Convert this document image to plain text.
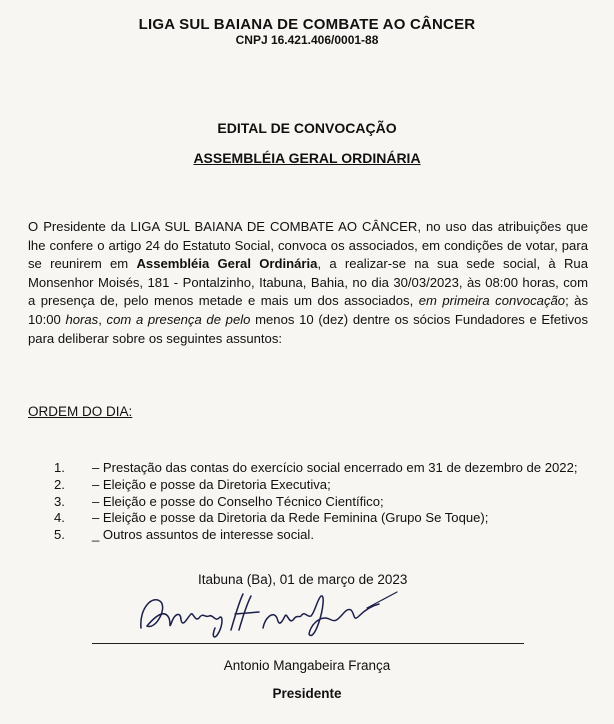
LIGA SUL BAIANA DE COMBATE AO CÂNCER
CNPJ 16.421.406/0001-88
EDITAL DE CONVOCAÇÃO
ASSEMBLÉIA GERAL ORDINÁRIA
O Presidente da LIGA SUL BAIANA DE COMBATE AO CÂNCER, no uso das atribuições que lhe confere o artigo 24 do Estatuto Social, convoca os associados, em condições de votar, para se reunirem em Assembléia Geral Ordinária, a realizar-se na sua sede social, à Rua Monsenhor Moisés, 181 - Pontalzinho, Itabuna, Bahia, no dia 30/03/2023, às 08:00 horas, com a presença de, pelo menos metade e mais um dos associados, em primeira convocação; às 10:00 horas, com a presença de pelo menos 10 (dez) dentre os sócios Fundadores e Efetivos para deliberar sobre os seguintes assuntos:
ORDEM DO DIA:
1.	– Prestação das contas do exercício social encerrado em 31 de dezembro de 2022;
2.	– Eleição e posse da Diretoria Executiva;
3.	– Eleição e posse do Conselho Técnico Científico;
4.	– Eleição e posse da Diretoria da Rede Feminina (Grupo Se Toque);
5.	_ Outros assuntos de interesse social.
Itabuna (Ba), 01 de março de 2023
Antonio Mangabeira França
Presidente
